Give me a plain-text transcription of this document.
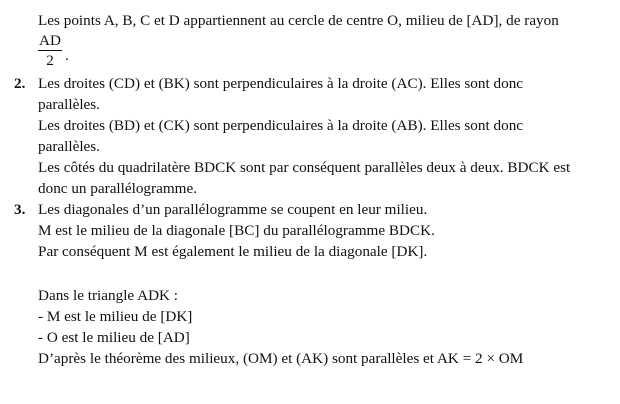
Les points A, B, C et D appartiennent au cercle de centre O, milieu de [AD], de rayon
AD
2 .
2. Les droites (CD) et (BK) sont perpendiculaires à la droite (AC). Elles sont donc
parallèles.
Les droites (BD) et (CK) sont perpendiculaires à la droite (AB). Elles sont donc
parallèles.
Les côtés du quadrilatère BDCK sont par conséquent parallèles deux à deux. BDCK est
donc un parallélogramme.
3. Les diagonales d’un parallélogramme se coupent en leur milieu.
M est le milieu de la diagonale [BC] du parallélogramme BDCK.
Par conséquent M est également le milieu de la diagonale [DK].
Dans le triangle ADK :
- M est le milieu de [DK]
- O est le milieu de [AD]
D’après le théorème des milieux, (OM) et (AK) sont parallèles et AK = 2 × OM
